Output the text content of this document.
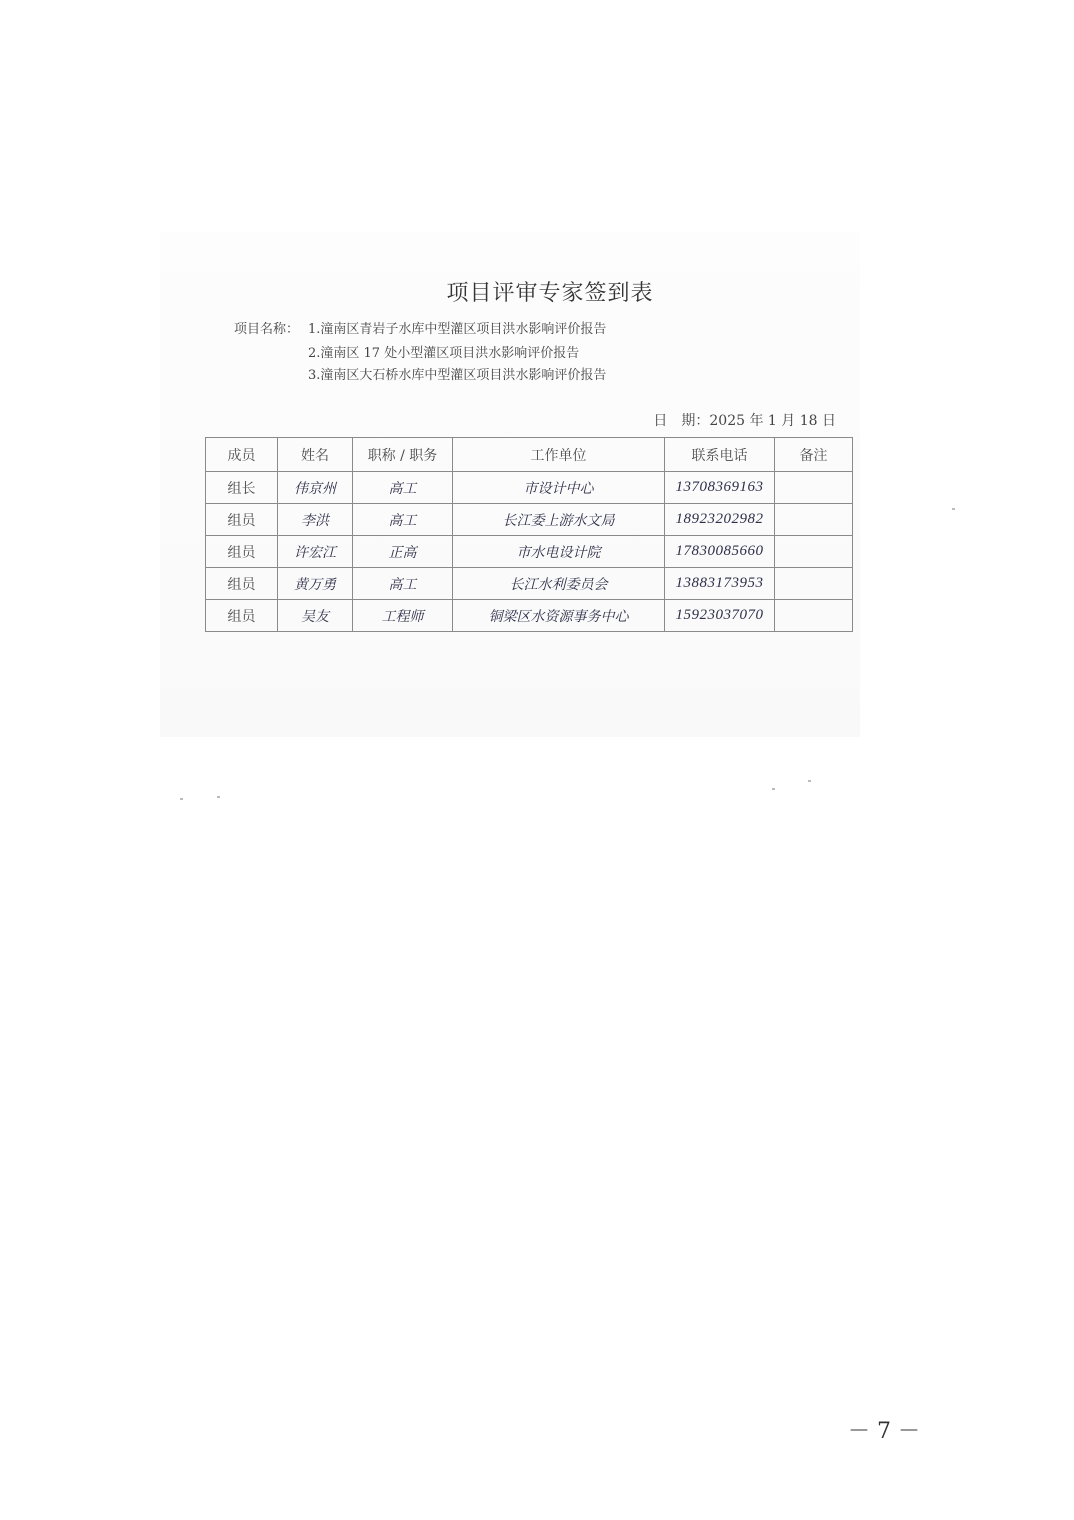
项目评审专家签到表
项目名称： 1.潼南区青岩子水库中型灌区项目洪水影响评价报告
2.潼南区 17 处小型灌区项目洪水影响评价报告
3.潼南区大石桥水库中型灌区项目洪水影响评价报告
日　期：2025 年 1 月 18 日
成员	姓名	职称 / 职务	工作单位	联系电话	备注
组长	伟京州	高工	市设计中心	13708369163	
组员	李洪	高工	长江委上游水文局	18923202982	
组员	许宏江	正高	市水电设计院	17830085660	
组员	黄万勇	高工	长江水利委员会	13883173953	
组员	吴友	工程师	铜梁区水资源事务中心	15923037070	
－ 7 －
